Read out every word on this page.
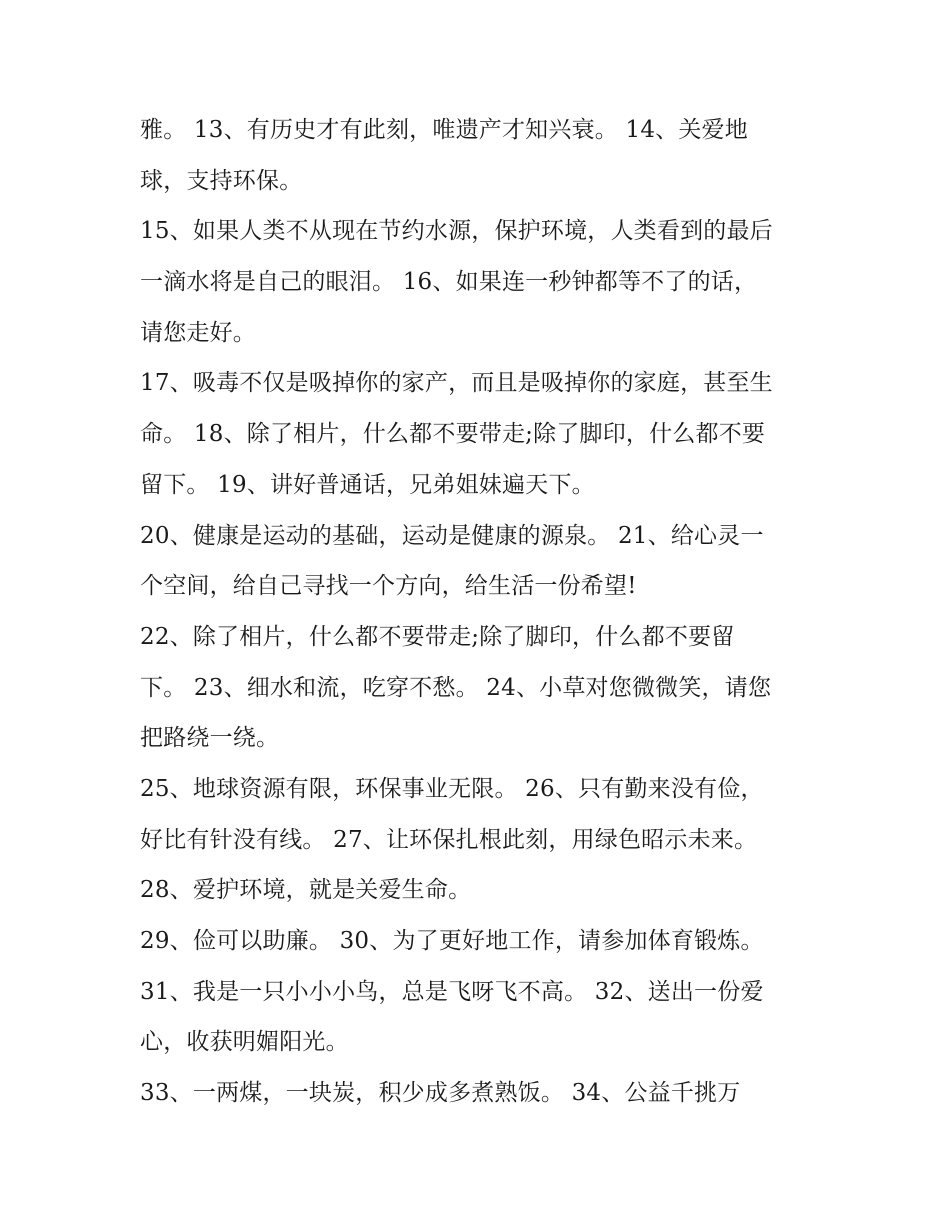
雅。 13、有历史才有此刻，唯遗产才知兴衰。 14、关爱地
球，支持环保。
15、如果人类不从现在节约水源，保护环境，人类看到的最后
一滴水将是自己的眼泪。 16、如果连一秒钟都等不了的话，
请您走好。
17、吸毒不仅是吸掉你的家产，而且是吸掉你的家庭，甚至生
命。 18、除了相片，什么都不要带走;除了脚印，什么都不要
留下。 19、讲好普通话，兄弟姐妹遍天下。
20、健康是运动的基础，运动是健康的源泉。 21、给心灵一
个空间，给自己寻找一个方向，给生活一份希望!
22、除了相片，什么都不要带走;除了脚印，什么都不要留
下。 23、细水和流，吃穿不愁。 24、小草对您微微笑，请您
把路绕一绕。
25、地球资源有限，环保事业无限。 26、只有勤来没有俭，
好比有针没有线。 27、让环保扎根此刻，用绿色昭示未来。
28、爱护环境，就是关爱生命。
29、俭可以助廉。 30、为了更好地工作，请参加体育锻炼。
31、我是一只小小小鸟，总是飞呀飞不高。 32、送出一份爱
心，收获明媚阳光。
33、一两煤，一块炭，积少成多煮熟饭。 34、公益千挑万
